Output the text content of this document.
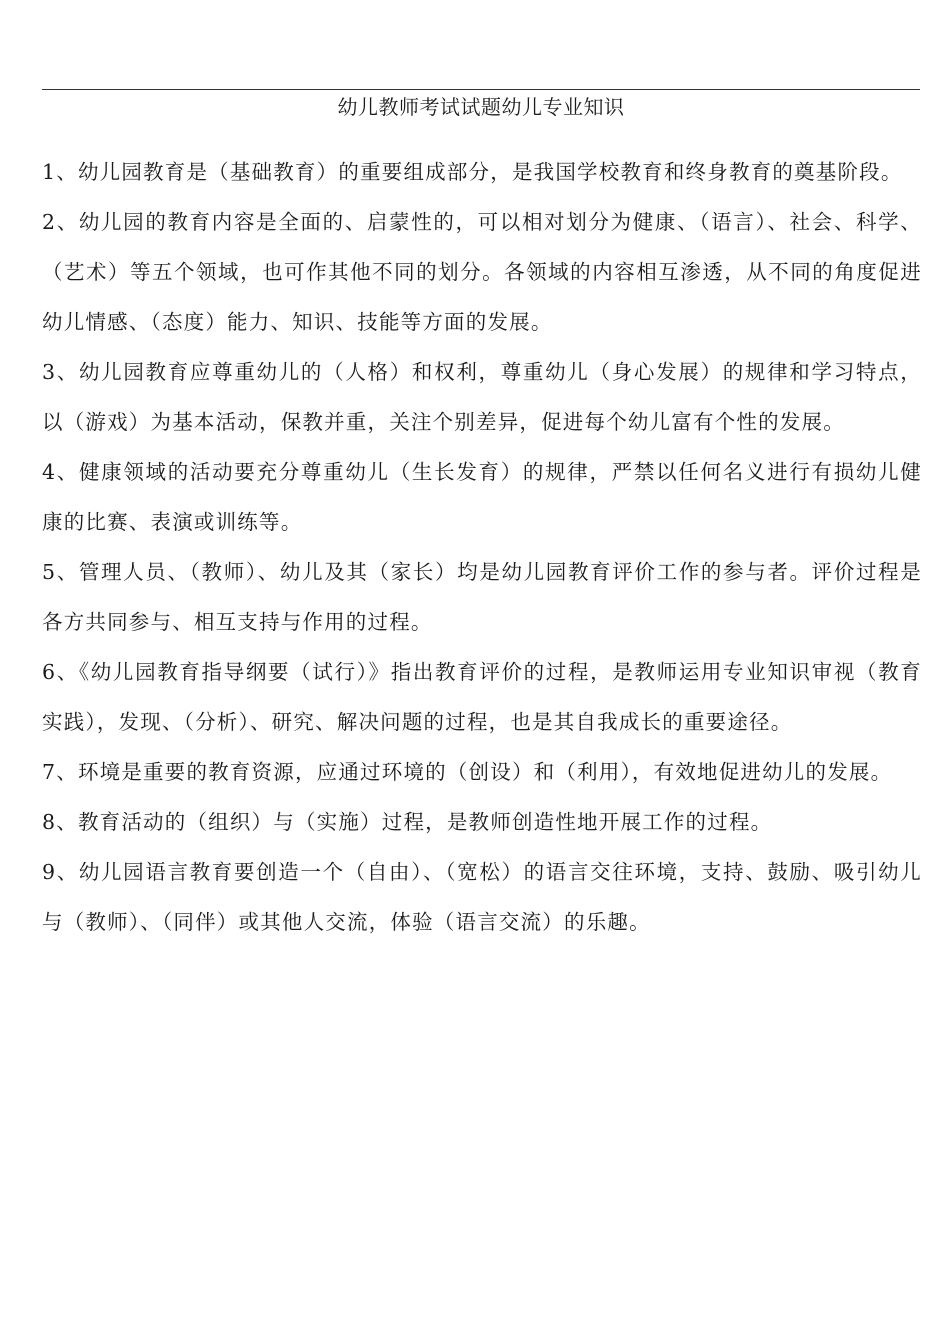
幼儿教师考试试题幼儿专业知识
1、幼儿园教育是（基础教育）的重要组成部分，是我国学校教育和终身教育的奠基阶段。
2、幼儿园的教育内容是全面的、启蒙性的，可以相对划分为健康、（语言）、社会、科学、（艺术）等五个领域，也可作其他不同的划分。各领域的内容相互渗透，从不同的角度促进幼儿情感、（态度）能力、知识、技能等方面的发展。
3、幼儿园教育应尊重幼儿的（人格）和权利，尊重幼儿（身心发展）的规律和学习特点，以（游戏）为基本活动，保教并重，关注个别差异，促进每个幼儿富有个性的发展。
4、健康领域的活动要充分尊重幼儿（生长发育）的规律，严禁以任何名义进行有损幼儿健康的比赛、表演或训练等。
5、管理人员、（教师）、幼儿及其（家长）均是幼儿园教育评价工作的参与者。评价过程是各方共同参与、相互支持与作用的过程。
6、《幼儿园教育指导纲要（试行）》指出教育评价的过程，是教师运用专业知识审视（教育实践），发现、（分析）、研究、解决问题的过程，也是其自我成长的重要途径。
7、环境是重要的教育资源，应通过环境的（创设）和（利用），有效地促进幼儿的发展。
8、教育活动的（组织）与（实施）过程，是教师创造性地开展工作的过程。
9、幼儿园语言教育要创造一个（自由）、（宽松）的语言交往环境，支持、鼓励、吸引幼儿与（教师）、（同伴）或其他人交流，体验（语言交流）的乐趣。
